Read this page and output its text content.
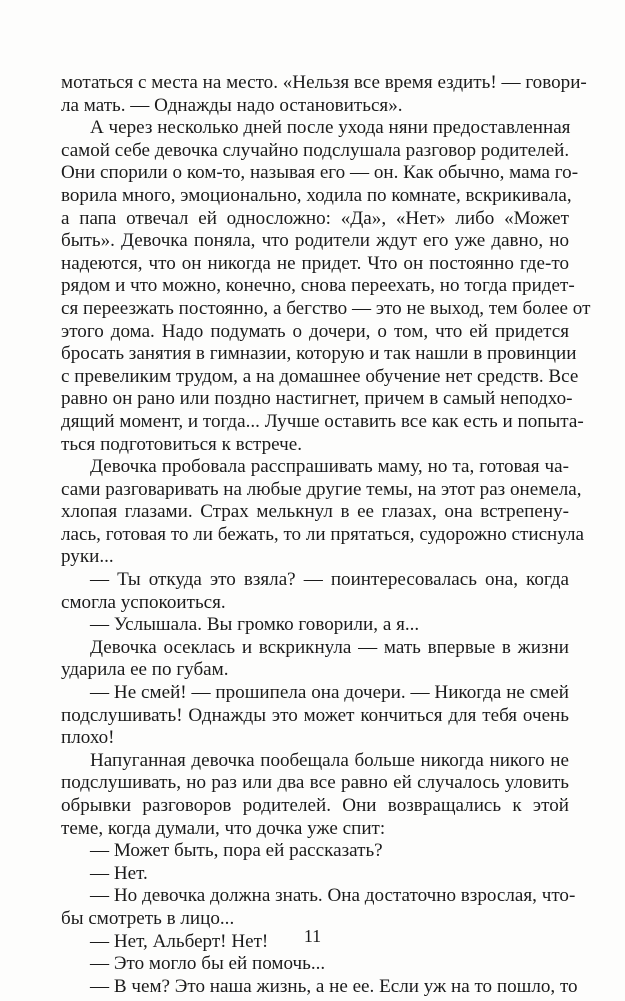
мотаться с места на место. «Нельзя все время ездить! — говори-
ла мать. — Однажды надо остановиться».
А через несколько дней после ухода няни предоставленная
самой себе девочка случайно подслушала разговор родителей.
Они спорили о ком-то, называя его — он. Как обычно, мама го-
ворила много, эмоционально, ходила по комнате, вскрикивала,
а папа отвечал ей односложно: «Да», «Нет» либо «Может
быть». Девочка поняла, что родители ждут его уже давно, но
надеются, что он никогда не придет. Что он постоянно где-то
рядом и что можно, конечно, снова переехать, но тогда придет-
ся переезжать постоянно, а бегство — это не выход, тем более от
этого дома. Надо подумать о дочери, о том, что ей придется
бросать занятия в гимназии, которую и так нашли в провинции
с превеликим трудом, а на домашнее обучение нет средств. Все
равно он рано или поздно настигнет, причем в самый неподхо-
дящий момент, и тогда... Лучше оставить все как есть и попыта-
ться подготовиться к встрече.
Девочка пробовала расспрашивать маму, но та, готовая ча-
сами разговаривать на любые другие темы, на этот раз онемела,
хлопая глазами. Страх мелькнул в ее глазах, она встрепену-
лась, готовая то ли бежать, то ли прятаться, судорожно стиснула
руки...
— Ты откуда это взяла? — поинтересовалась она, когда
смогла успокоиться.
— Услышала. Вы громко говорили, а я...
Девочка осеклась и вскрикнула — мать впервые в жизни
ударила ее по губам.
— Не смей! — прошипела она дочери. — Никогда не смей
подслушивать! Однажды это может кончиться для тебя очень
плохо!
Напуганная девочка пообещала больше никогда никого не
подслушивать, но раз или два все равно ей случалось уловить
обрывки разговоров родителей. Они возвращались к этой
теме, когда думали, что дочка уже спит:
— Может быть, пора ей рассказать?
— Нет.
— Но девочка должна знать. Она достаточно взрослая, что-
бы смотреть в лицо...
— Нет, Альберт! Нет!
— Это могло бы ей помочь...
— В чем? Это наша жизнь, а не ее. Если уж на то пошло, то
11
